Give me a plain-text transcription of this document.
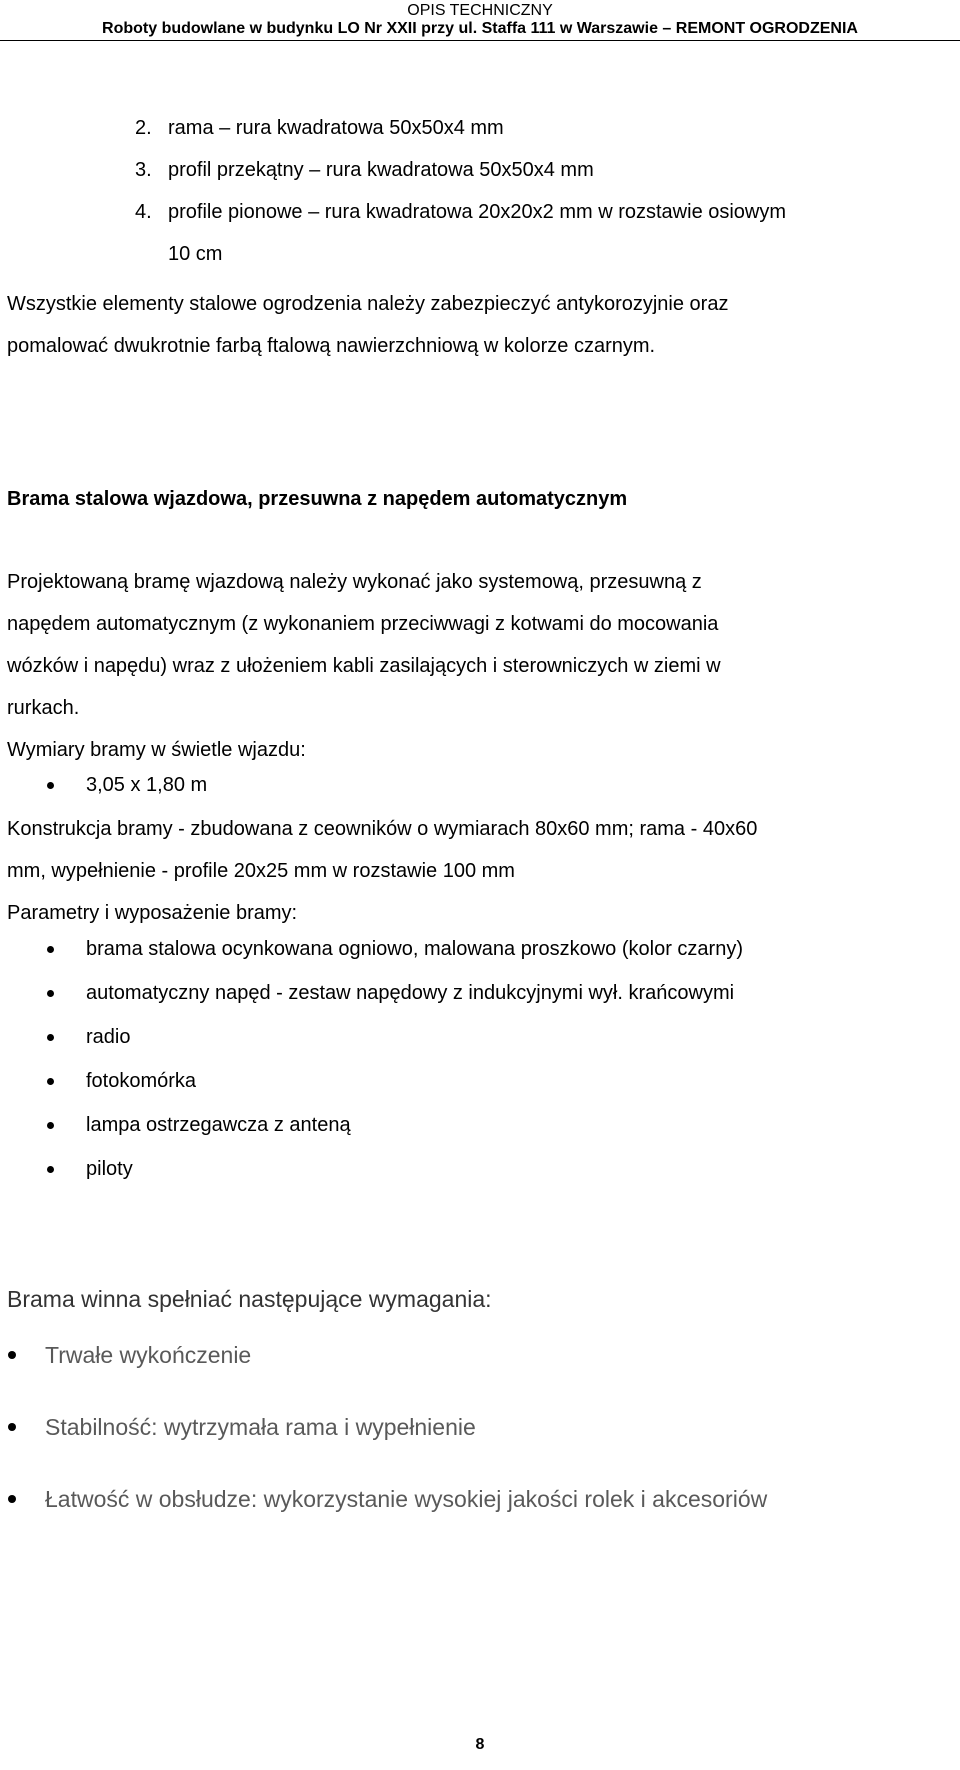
OPIS TECHNICZNY
Roboty budowlane w budynku LO Nr XXII przy ul. Staffa 111 w Warszawie – REMONT OGRODZENIA
2. rama – rura kwadratowa 50x50x4 mm
3. profil przekątny – rura kwadratowa 50x50x4 mm
4. profile pionowe – rura kwadratowa 20x20x2 mm w rozstawie osiowym
10 cm
Wszystkie elementy stalowe ogrodzenia należy zabezpieczyć antykorozyjnie oraz
pomalować dwukrotnie farbą ftalową nawierzchniową w kolorze czarnym.
Brama stalowa wjazdowa, przesuwna z napędem automatycznym
Projektowaną bramę wjazdową należy wykonać jako systemową, przesuwną z
napędem automatycznym (z wykonaniem przeciwwagi z kotwami do mocowania
wózków i napędu) wraz z ułożeniem kabli zasilających i sterowniczych w ziemi w
rurkach.
Wymiary bramy w świetle wjazdu:
3,05 x 1,80 m
Konstrukcja bramy - zbudowana z ceowników o wymiarach 80x60 mm; rama - 40x60
mm, wypełnienie - profile 20x25 mm w rozstawie 100 mm
Parametry i wyposażenie bramy:
brama stalowa ocynkowana ogniowo, malowana proszkowo (kolor czarny)
automatyczny napęd - zestaw napędowy z indukcyjnymi wył. krańcowymi
radio
fotokomórka
lampa ostrzegawcza z anteną
piloty
Brama winna spełniać następujące wymagania:
Trwałe wykończenie
Stabilność: wytrzymała rama i wypełnienie
Łatwość w obsłudze: wykorzystanie wysokiej jakości rolek i akcesoriów
8
